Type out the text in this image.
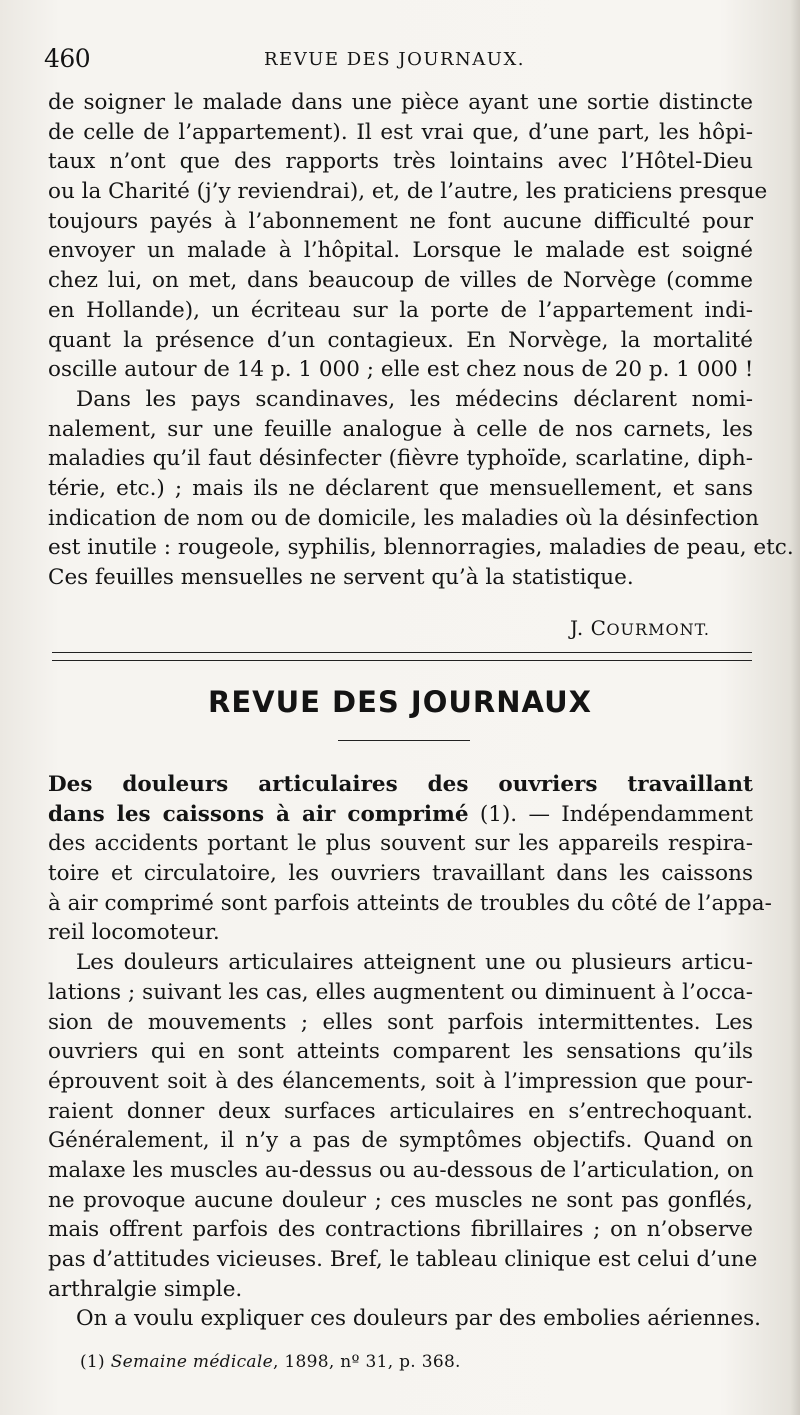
460	REVUE DES JOURNAUX.
de soigner le malade dans une pièce ayant une sortie distincte
de celle de l’appartement). Il est vrai que, d’une part, les hôpi-
taux n’ont que des rapports très lointains avec l’Hôtel-Dieu
ou la Charité (j’y reviendrai), et, de l’autre, les praticiens presque
toujours payés à l’abonnement ne font aucune difficulté pour
envoyer un malade à l’hôpital. Lorsque le malade est soigné
chez lui, on met, dans beaucoup de villes de Norvège (comme
en Hollande), un écriteau sur la porte de l’appartement indi-
quant la présence d’un contagieux. En Norvège, la mortalité
oscille autour de 14 p. 1 000 ; elle est chez nous de 20 p. 1 000 !
Dans les pays scandinaves, les médecins déclarent nomi-
nalement, sur une feuille analogue à celle de nos carnets, les
maladies qu’il faut désinfecter (fièvre typhoïde, scarlatine, diph-
térie, etc.) ; mais ils ne déclarent que mensuellement, et sans
indication de nom ou de domicile, les maladies où la désinfection
est inutile : rougeole, syphilis, blennorragies, maladies de peau, etc.
Ces feuilles mensuelles ne servent qu’à la statistique.
J. COURMONT.
REVUE DES JOURNAUX
Des douleurs articulaires des ouvriers travaillant
dans les caissons à air comprimé (1). — Indépendamment
des accidents portant le plus souvent sur les appareils respira-
toire et circulatoire, les ouvriers travaillant dans les caissons
à air comprimé sont parfois atteints de troubles du côté de l’appa-
reil locomoteur.
Les douleurs articulaires atteignent une ou plusieurs articu-
lations ; suivant les cas, elles augmentent ou diminuent à l’occa-
sion de mouvements ; elles sont parfois intermittentes. Les
ouvriers qui en sont atteints comparent les sensations qu’ils
éprouvent soit à des élancements, soit à l’impression que pour-
raient donner deux surfaces articulaires en s’entrechoquant.
Généralement, il n’y a pas de symptômes objectifs. Quand on
malaxe les muscles au-dessus ou au-dessous de l’articulation, on
ne provoque aucune douleur ; ces muscles ne sont pas gonflés,
mais offrent parfois des contractions fibrillaires ; on n’observe
pas d’attitudes vicieuses. Bref, le tableau clinique est celui d’une
arthralgie simple.
On a voulu expliquer ces douleurs par des embolies aériennes.
(1) Semaine médicale, 1898, nº 31, p. 368.
